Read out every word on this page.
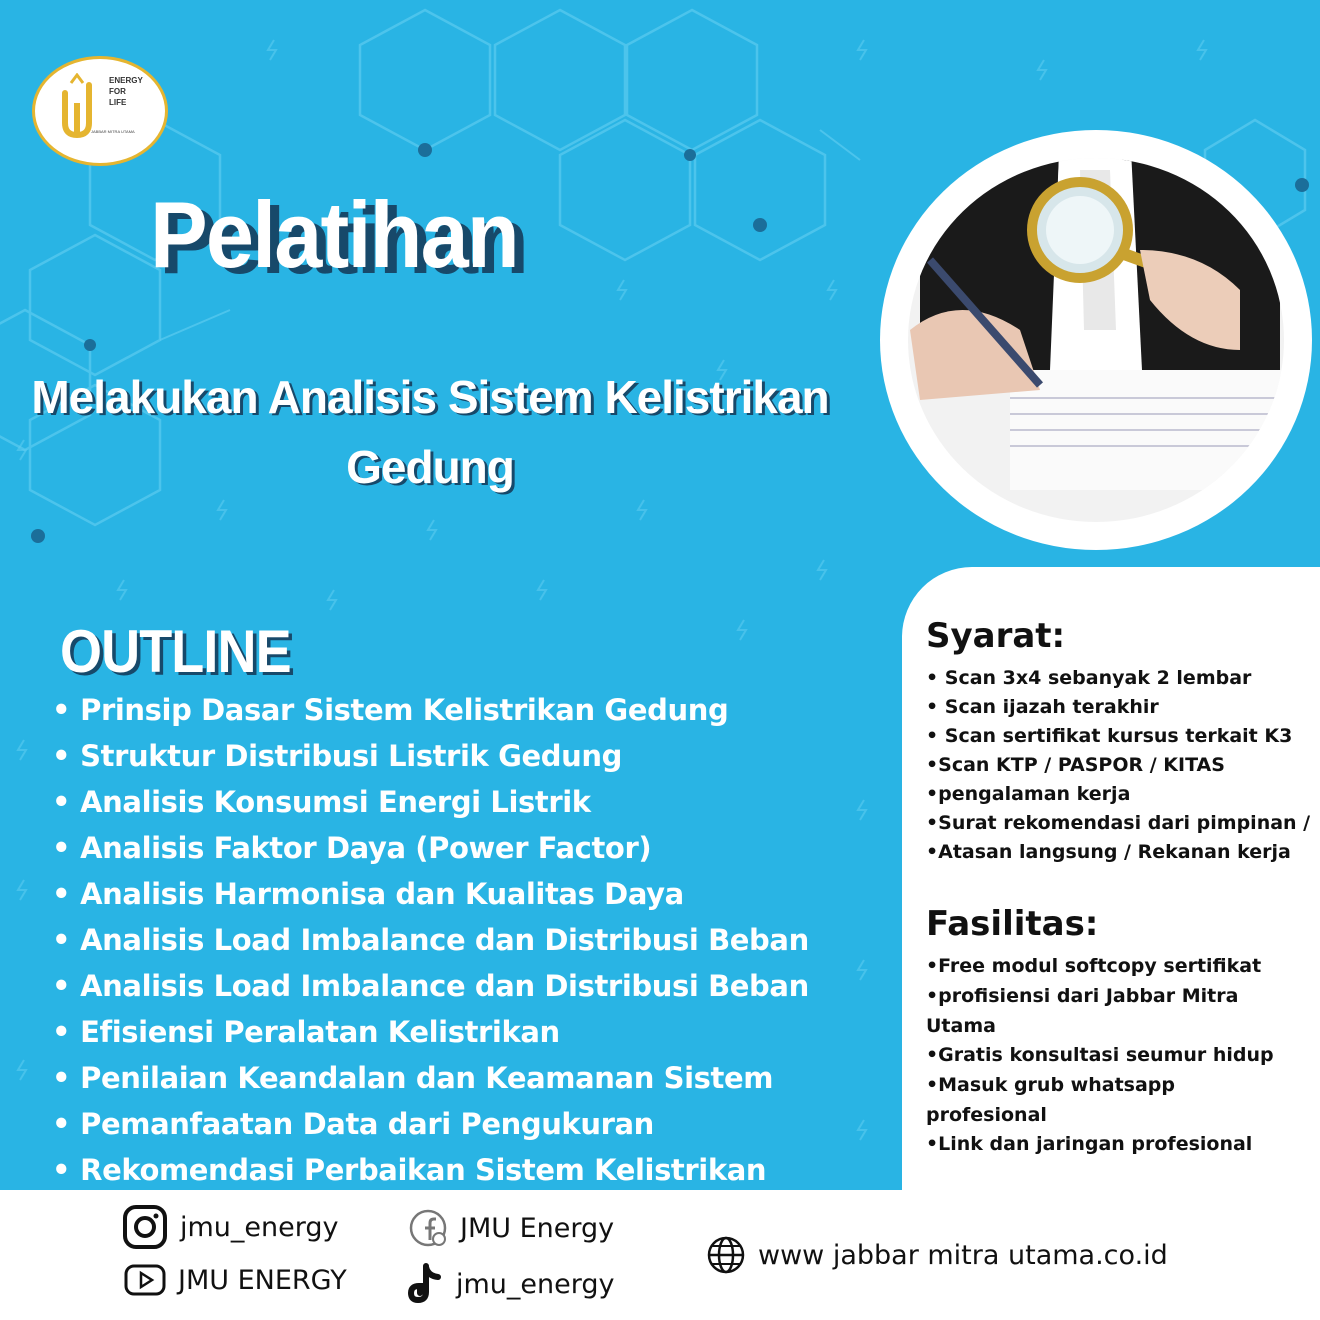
ENERGY
FOR
LIFE
JABBAR MITRA UTAMA
Pelatihan
Melakukan Analisis Sistem Kelistrikan Gedung
OUTLINE
• Prinsip Dasar Sistem Kelistrikan Gedung
• Struktur Distribusi Listrik Gedung
• Analisis Konsumsi Energi Listrik
• Analisis Faktor Daya (Power Factor)
• Analisis Harmonisa dan Kualitas Daya
• Analisis Load Imbalance dan Distribusi Beban
• Analisis Load Imbalance dan Distribusi Beban
• Efisiensi Peralatan Kelistrikan
• Penilaian Keandalan dan Keamanan Sistem
• Pemanfaatan Data dari Pengukuran
• Rekomendasi Perbaikan Sistem Kelistrikan
Syarat:
• Scan 3x4 sebanyak 2 lembar
• Scan ijazah terakhir
• Scan sertifikat kursus terkait K3
•Scan KTP / PASPOR / KITAS
•pengalaman kerja
•Surat rekomendasi dari pimpinan /
•Atasan langsung / Rekanan kerja
Fasilitas:
•Free modul softcopy sertifikat
•profisiensi dari Jabbar Mitra Utama
•Gratis konsultasi seumur hidup
•Masuk grub whatsapp profesional
•Link dan jaringan profesional
jmu_energy	JMU Energy
www jabbar mitra utama.co.id
JMU ENERGY	jmu_energy
